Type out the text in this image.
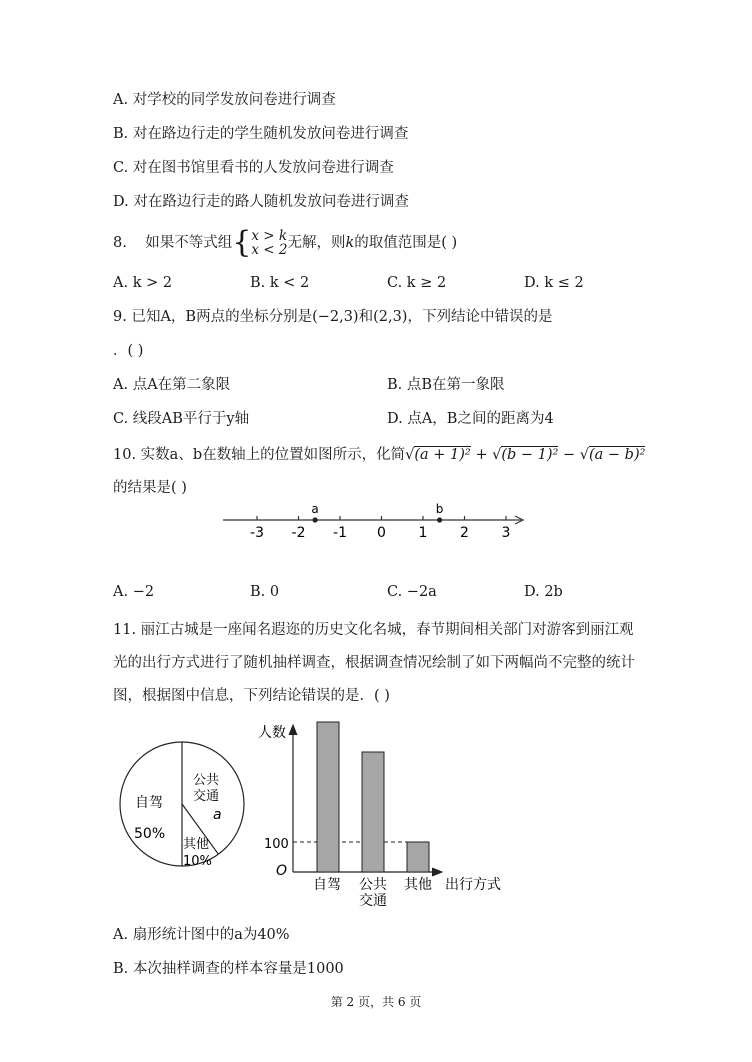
A. 对学校的同学发放问卷进行调查
B. 对在路边行走的学生随机发放问卷进行调查
C. 对在图书馆里看书的人发放问卷进行调查
D. 对在路边行走的路人随机发放问卷进行调查
8. 如果不等式组{x > k
x < 2无解，则k的取值范围是( )
A. k > 2	B. k < 2	C. k ≥ 2	D. k ≤ 2
9. 已知A，B两点的坐标分别是(−2,3)和(2,3)，下列结论中错误的是
．( )
A. 点A在第二象限	B. 点B在第一象限
C. 线段AB平行于y轴	D. 点A，B之间的距离为4
10. 实数a、b在数轴上的位置如图所示，化简√(a + 1)² + √(b − 1)² − √(a − b)²
的结果是( )
-3 -2 -1 0 1 2 3
a	b
A. −2	B. 0	C. −2a	D. 2b
11. 丽江古城是一座闻名遐迩的历史文化名城，春节期间相关部门对游客到丽江观
光的出行方式进行了随机抽样调查，根据调查情况绘制了如下两幅尚不完整的统计
图，根据图中信息，下列结论错误的是．( )
自驾
50%
公共
交通
a
其他
10%
人数
O
100
自驾 公共
交通
其他 出行方式
A. 扇形统计图中的a为40%
B. 本次抽样调查的样本容量是1000
第 2 页，共 6 页
